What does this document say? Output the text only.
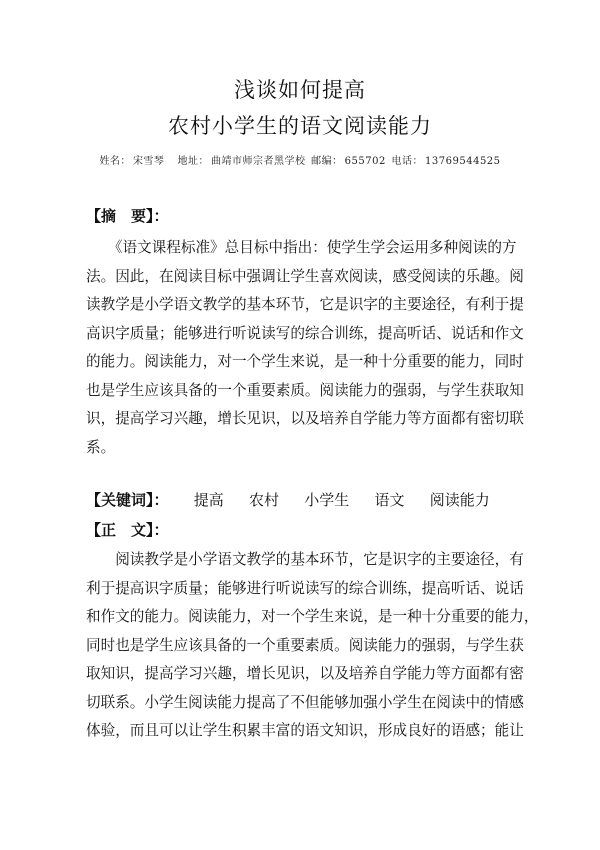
浅谈如何提高
农村小学生的语文阅读能力
姓名： 宋雪琴 地址： 曲靖市师宗者黑学校 邮编： 655702 电话： 13769544525
【摘　要】：
　　《语文课程标准》总目标中指出：使学生学会运用多种阅读的方
法。因此，在阅读目标中强调让学生喜欢阅读，感受阅读的乐趣。阅
读教学是小学语文教学的基本环节，它是识字的主要途径，有利于提
高识字质量；能够进行听说读写的综合训练，提高听话、说话和作文
的能力。阅读能力，对一个学生来说，是一种十分重要的能力，同时
也是学生应该具备的一个重要素质。阅读能力的强弱，与学生获取知
识，提高学习兴趣，增长见识，以及培养自学能力等方面都有密切联
系。
【关键词】： 提高 农村 小学生 语文 阅读能力
【正　文】：
　　阅读教学是小学语文教学的基本环节，它是识字的主要途径，有
利于提高识字质量；能够进行听说读写的综合训练，提高听话、说话
和作文的能力。阅读能力，对一个学生来说，是一种十分重要的能力，
同时也是学生应该具备的一个重要素质。阅读能力的强弱，与学生获
取知识，提高学习兴趣，增长见识，以及培养自学能力等方面都有密
切联系。小学生阅读能力提高了不但能够加强小学生在阅读中的情感
体验，而且可以让学生积累丰富的语文知识，形成良好的语感；能让
